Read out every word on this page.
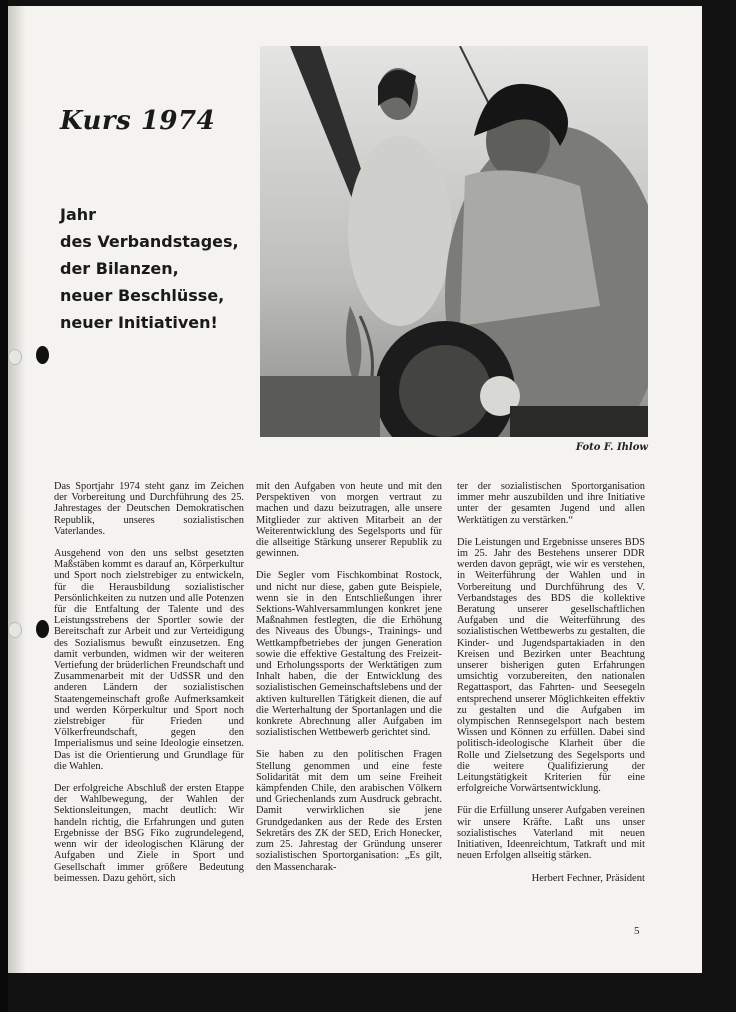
Kurs 1974
Jahr
des Verbandstages,
der Bilanzen,
neuer Beschlüsse,
neuer Initiativen!
Foto F. Ihlow

Das Sportjahr 1974 steht ganz im Zeichen der Vorbereitung und Durchführung des 25. Jahrestages der Deutschen Demokratischen Republik, unseres sozialistischen Vaterlandes.

Ausgehend von den uns selbst gesetzten Maßstäben kommt es darauf an, Körperkultur und Sport noch zielstrebiger zu entwickeln, für die Herausbildung sozialistischer Persönlichkeiten zu nutzen und alle Potenzen für die Entfaltung der Talente und des Leistungsstrebens der Sportler sowie der Bereitschaft zur Arbeit und zur Verteidigung des Sozialismus bewußt einzusetzen. Eng damit verbunden, widmen wir der weiteren Vertiefung der brüderlichen Freundschaft und Zusammenarbeit mit der UdSSR und den anderen Ländern der sozialistischen Staatengemeinschaft große Aufmerksamkeit und werden Körperkultur und Sport noch zielstrebiger für Frieden und Völkerfreundschaft, gegen den Imperialismus und seine Ideologie einsetzen. Das ist die Orientierung und Grundlage für die Wahlen.

Der erfolgreiche Abschluß der ersten Etappe der Wahlbewegung, der Wahlen der Sektionsleitungen, macht deutlich: Wir handeln richtig, die Erfahrungen und guten Ergebnisse der BSG Fiko zugrundelegend, wenn wir der ideologischen Klärung der Aufgaben und Ziele in Sport und Gesellschaft immer größere Bedeutung beimessen. Dazu gehört, sich

mit den Aufgaben von heute und mit den Perspektiven von morgen vertraut zu machen und dazu beizutragen, alle unsere Mitglieder zur aktiven Mitarbeit an der Weiterentwicklung des Segelsports und für die allseitige Stärkung unserer Republik zu gewinnen.

Die Segler vom Fischkombinat Rostock, und nicht nur diese, gaben gute Beispiele, wenn sie in den Entschließungen ihrer Sektions-Wahlversammlungen konkret jene Maßnahmen festlegten, die die Erhöhung des Niveaus des Übungs-, Trainings- und Wettkampfbetriebes der jungen Generation sowie die effektive Gestaltung des Freizeit- und Erholungssports der Werktätigen zum Inhalt haben, die der Entwicklung des sozialistischen Gemeinschaftslebens und der aktiven kulturellen Tätigkeit dienen, die auf die Werterhaltung der Sportanlagen und die konkrete Abrechnung aller Aufgaben im sozialistischen Wettbewerb gerichtet sind.

Sie haben zu den politischen Fragen Stellung genommen und eine feste Solidarität mit dem um seine Freiheit kämpfenden Chile, den arabischen Völkern und Griechenlands zum Ausdruck gebracht. Damit verwirklichen sie jene Grundgedanken aus der Rede des Ersten Sekretärs des ZK der SED, Erich Honecker, zum 25. Jahrestag der Gründung unserer sozialistischen Sportorganisation: „Es gilt, den Massencharak-

ter der sozialistischen Sportorganisation immer mehr auszubilden und ihre Initiative unter der gesamten Jugend und allen Werktätigen zu verstärken.“

Die Leistungen und Ergebnisse unseres BDS im 25. Jahr des Bestehens unserer DDR werden davon geprägt, wie wir es verstehen, in Weiterführung der Wahlen und in Vorbereitung und Durchführung des V. Verbandstages des BDS die kollektive Beratung unserer gesellschaftlichen Aufgaben und die Weiterführung des sozialistischen Wettbewerbs zu gestalten, die Kinder- und Jugendspartakiaden in den Kreisen und Bezirken unter Beachtung unserer bisherigen guten Erfahrungen umsichtig vorzubereiten, den nationalen Regattasport, das Fahrten- und Seesegeln entsprechend unserer Möglichkeiten effektiv zu gestalten und die Aufgaben im olympischen Rennsegelsport nach bestem Wissen und Können zu erfüllen. Dabei sind politisch-ideologische Klarheit über die Rolle und Zielsetzung des Segelsports und die weitere Qualifizierung der Leitungstätigkeit Kriterien für eine erfolgreiche Vorwärtsentwicklung.

Für die Erfüllung unserer Aufgaben vereinen wir unsere Kräfte. Laßt uns unser sozialistisches Vaterland mit neuen Initiativen, Ideenreichtum, Tatkraft und mit neuen Erfolgen allseitig stärken.

Herbert Fechner, Präsident
5
